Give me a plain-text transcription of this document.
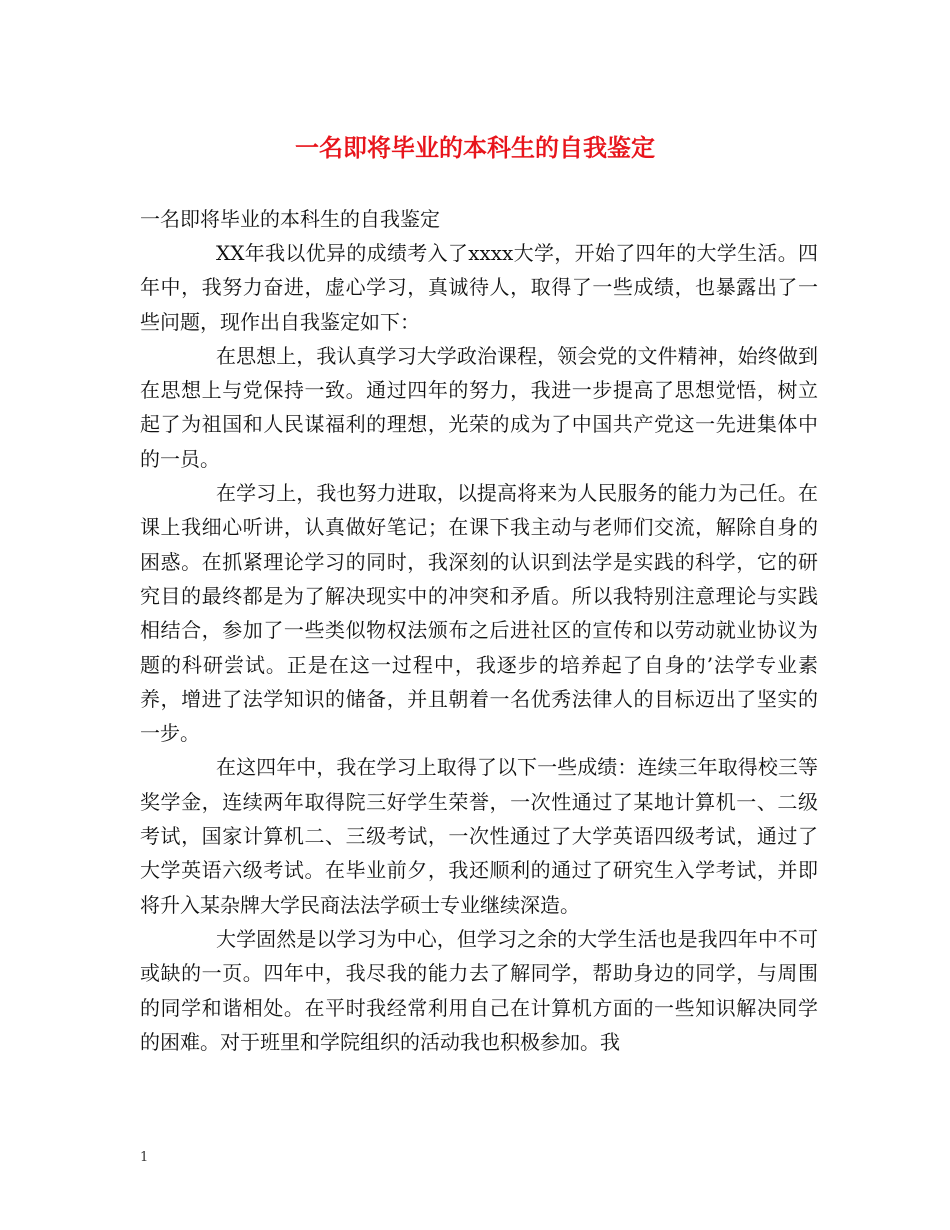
一名即将毕业的本科生的自我鉴定

一名即将毕业的本科生的自我鉴定

XX年我以优异的成绩考入了xxxx大学，开始了四年的大学生活。四年中，我努力奋进，虚心学习，真诚待人，取得了一些成绩，也暴露出了一些问题，现作出自我鉴定如下：

在思想上，我认真学习大学政治课程，领会党的文件精神，始终做到在思想上与党保持一致。通过四年的努力，我进一步提高了思想觉悟，树立起了为祖国和人民谋福利的理想，光荣的成为了中国共产党这一先进集体中的一员。

在学习上，我也努力进取，以提高将来为人民服务的能力为己任。在课上我细心听讲，认真做好笔记；在课下我主动与老师们交流，解除自身的困惑。在抓紧理论学习的同时，我深刻的认识到法学是实践的科学，它的研究目的最终都是为了解决现实中的冲突和矛盾。所以我特别注意理论与实践相结合，参加了一些类似物权法颁布之后进社区的宣传和以劳动就业协议为题的科研尝试。正是在这一过程中，我逐步的培养起了自身的’法学专业素养，增进了法学知识的储备，并且朝着一名优秀法律人的目标迈出了坚实的一步。

在这四年中，我在学习上取得了以下一些成绩：连续三年取得校三等奖学金，连续两年取得院三好学生荣誉，一次性通过了某地计算机一、二级考试，国家计算机二、三级考试，一次性通过了大学英语四级考试，通过了大学英语六级考试。在毕业前夕，我还顺利的通过了研究生入学考试，并即将升入某杂牌大学民商法法学硕士专业继续深造。

大学固然是以学习为中心，但学习之余的大学生活也是我四年中不可或缺的一页。四年中，我尽我的能力去了解同学，帮助身边的同学，与周围的同学和谐相处。在平时我经常利用自己在计算机方面的一些知识解决同学的困难。对于班里和学院组织的活动我也积极参加。我

1
